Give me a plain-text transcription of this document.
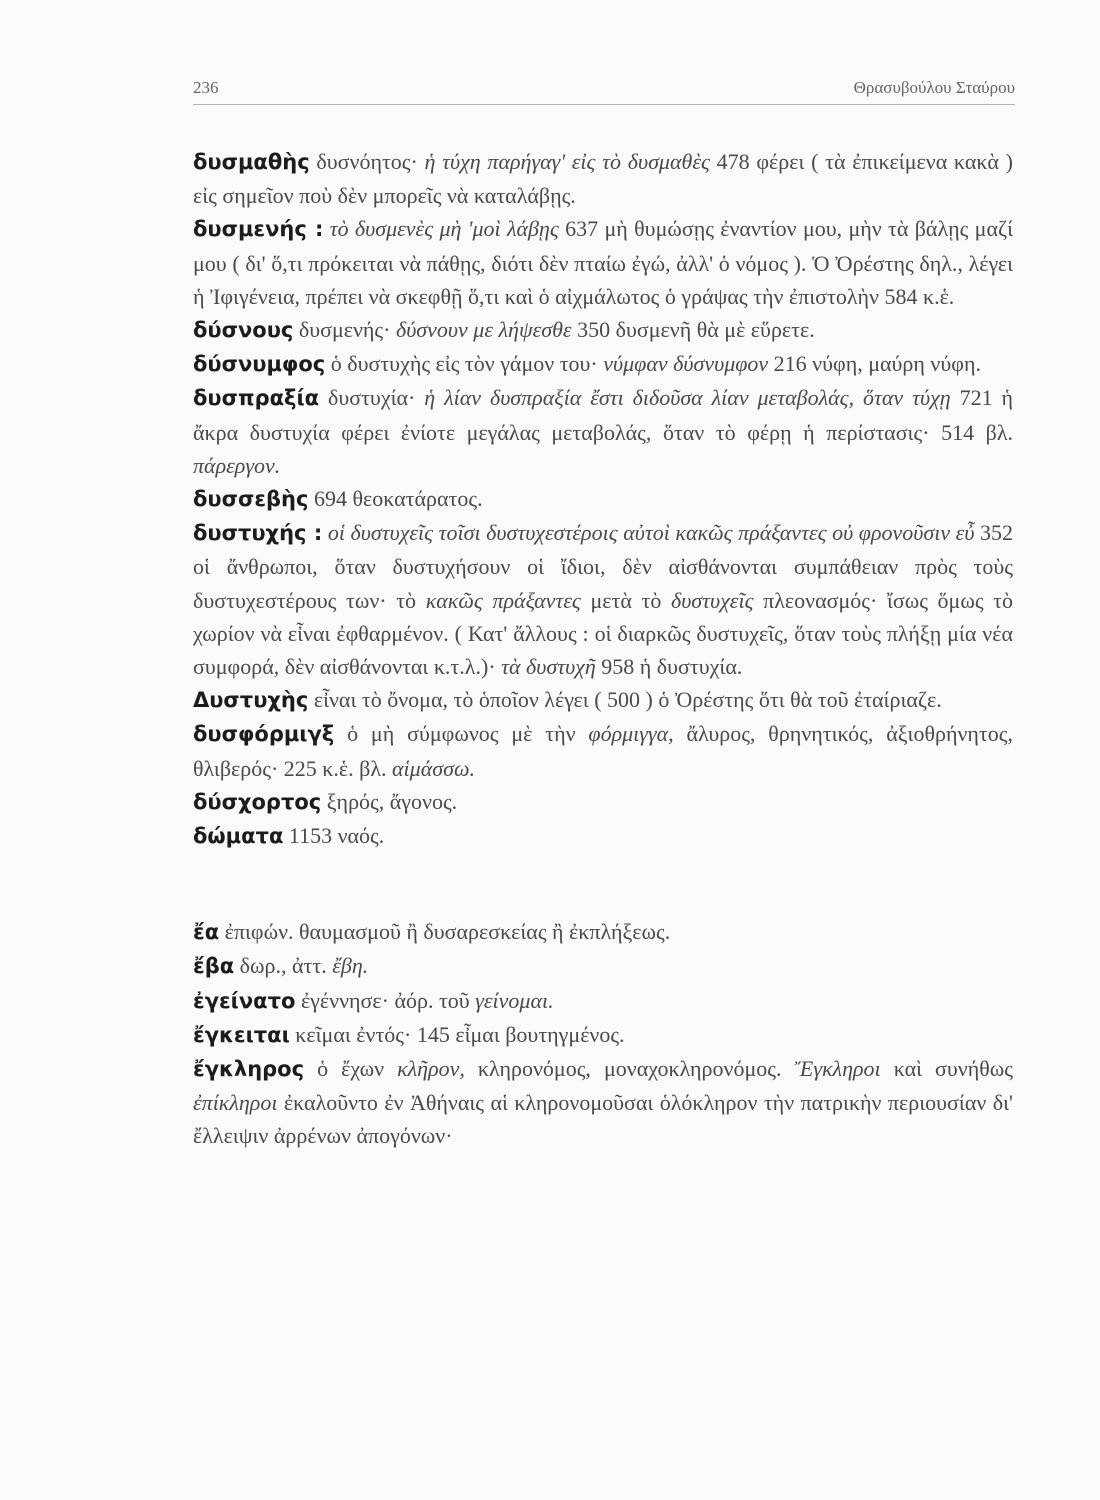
236	Θρασυβούλου Σταύρου

δυσμαθὴς δυσνόητος· ἡ τύχη παρήγαγ' εἰς τὸ δυσμαθὲς 478 φέρει ( τὰ ἐπικείμενα κακὰ ) εἰς σημεῖον ποὺ δὲν μπορεῖς νὰ καταλάβῃς.

δυσμενής : τὸ δυσμενὲς μὴ 'μοὶ λάβῃς 637 μὴ θυμώσῃς ἐναντίον μου, μὴν τὰ βάλῃς μαζί μου ( δι' ὅ,τι πρόκειται νὰ πάθῃς, διότι δὲν πταίω ἐγώ, ἀλλ' ὁ νόμος ). Ὁ Ὀρέστης δηλ., λέγει ἡ Ἰφιγένεια, πρέπει νὰ σκεφθῇ ὅ,τι καὶ ὁ αἰχμάλωτος ὁ γράψας τὴν ἐπιστολὴν 584 κ.ἑ.

δύσνους δυσμενής· δύσνουν με λήψεσθε 350 δυσμενῆ θὰ μὲ εὕρετε.

δύσνυμφος ὁ δυστυχὴς εἰς τὸν γάμον του· νύμφαν δύσνυμφον 216 νύφη, μαύρη νύφη.

δυσπραξία δυστυχία· ἡ λίαν δυσπραξία ἔστι διδοῦσα λίαν μεταβολάς, ὅταν τύχῃ 721 ἡ ἄκρα δυστυχία φέρει ἐνίοτε μεγάλας μεταβολάς, ὅταν τὸ φέρῃ ἡ περίστασις· 514 βλ. πάρεργον.

δυσσεβὴς 694 θεοκατάρατος.

δυστυχής : οἱ δυστυχεῖς τοῖσι δυστυχεστέροις αὐτοὶ κακῶς πράξαντες οὐ φρονοῦσιν εὖ 352 οἱ ἄνθρωποι, ὅταν δυστυχήσουν οἱ ἴδιοι, δὲν αἰσθάνονται συμπάθειαν πρὸς τοὺς δυστυχεστέρους των· τὸ κακῶς πράξαντες μετὰ τὸ δυστυχεῖς πλεονασμός· ἴσως ὅμως τὸ χωρίον νὰ εἶναι ἐφθαρμένον. ( Κατ' ἄλλους : οἱ διαρκῶς δυστυχεῖς, ὅταν τοὺς πλήξῃ μία νέα συμφορά, δὲν αἰσθάνονται κ.τ.λ.)· τὰ δυστυχῆ 958 ἡ δυστυχία.

Δυστυχὴς εἶναι τὸ ὄνομα, τὸ ὁποῖον λέγει ( 500 ) ὁ Ὀρέστης ὅτι θὰ τοῦ ἐταίριαζε.

δυσφόρμιγξ ὁ μὴ σύμφωνος μὲ τὴν φόρμιγγα, ἄλυρος, θρηνητικός, ἀξιοθρήνητος, θλιβερός· 225 κ.ἑ. βλ. αἱμάσσω.

δύσχορτος ξηρός, ἄγονος.

δώματα 1153 ναός.

ἔα ἐπιφών. θαυμασμοῦ ἢ δυσαρεσκείας ἢ ἐκπλήξεως.

ἔβα δωρ., ἀττ. ἔβη.

ἐγείνατο ἐγέννησε· ἀόρ. τοῦ γείνομαι.

ἔγκειται κεῖμαι ἐντός· 145 εἶμαι βουτηγμένος.

ἔγκληρος ὁ ἔχων κλῆρον, κληρονόμος, μοναχοκληρονόμος. Ἔγκληροι καὶ συνήθως ἐπίκληροι ἐκαλοῦντο ἐν Ἀθήναις αἱ κληρονομοῦσαι ὁλόκληρον τὴν πατρικὴν περιουσίαν δι' ἔλλειψιν ἀρρένων ἀπογόνων·
